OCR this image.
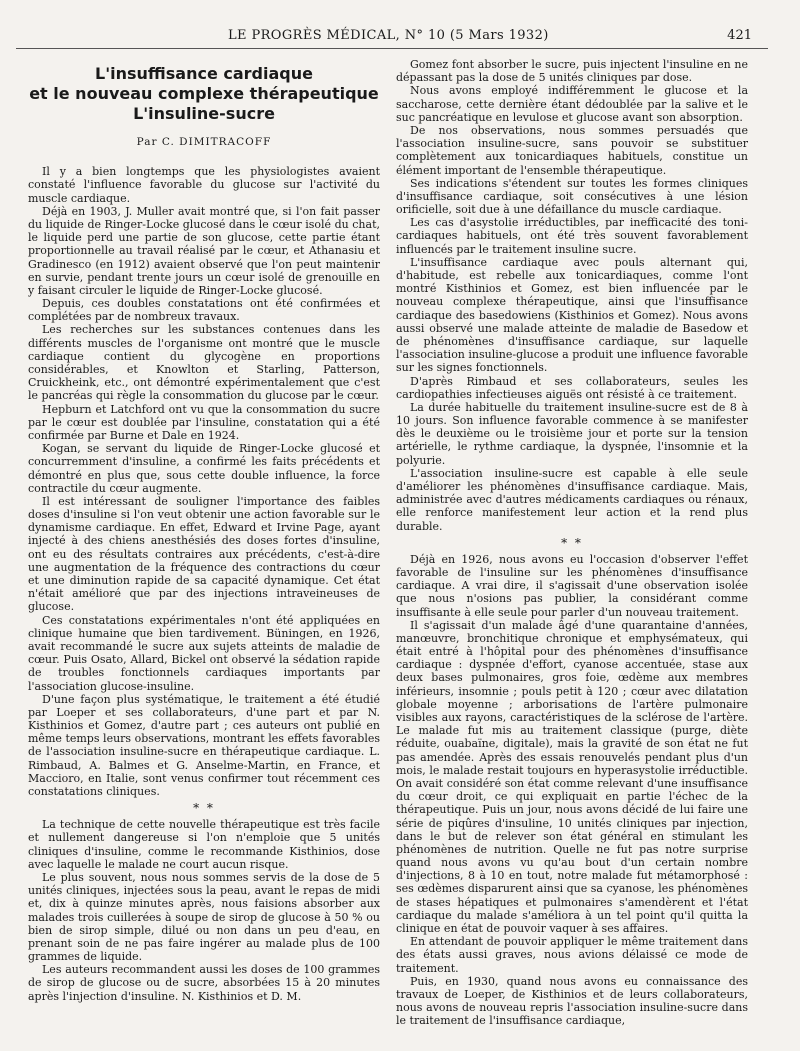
LE PROGRÈS MÉDICAL, N° 10 (5 Mars 1932)	421
L'insuffisance cardiaque
et le nouveau complexe thérapeutique
L'insuline-sucre
Par C. DIMITRACOFF

Il y a bien longtemps que les physiologistes avaient constaté l'influence favorable du glucose sur l'activité du muscle cardiaque.

Déjà en 1903, J. Muller avait montré que, si l'on fait passer du liquide de Ringer-Locke glucosé dans le cœur isolé du chat, le liquide perd une partie de son glucose, cette partie étant proportionnelle au travail réalisé par le cœur, et Athanasiu et Gradinesco (en 1912) avaient observé que l'on peut maintenir en survie, pendant trente jours un cœur isolé de grenouille en y faisant circuler le liquide de Ringer-Locke glucosé.

Depuis, ces doubles constatations ont été confirmées et complétées par de nombreux travaux.

Les recherches sur les substances contenues dans les différents muscles de l'organisme ont montré que le muscle cardiaque contient du glycogène en proportions considérables, et Knowlton et Starling, Patterson, Cruickheink, etc., ont démontré expérimentalement que c'est le pancréas qui règle la consommation du glucose par le cœur.

Hepburn et Latchford ont vu que la consommation du sucre par le cœur est doublée par l'insuline, constatation qui a été confirmée par Burne et Dale en 1924.

Kogan, se servant du liquide de Ringer-Locke glucosé et concurremment d'insuline, a confirmé les faits précédents et démontré en plus que, sous cette double influence, la force contractile du cœur augmente.

Il est intéressant de souligner l'importance des faibles doses d'insuline si l'on veut obtenir une action favorable sur le dynamisme cardiaque. En effet, Edward et Irvine Page, ayant injecté à des chiens anesthésiés des doses fortes d'insuline, ont eu des résultats contraires aux précédents, c'est-à-dire une augmentation de la fréquence des contractions du cœur et une diminution rapide de sa capacité dynamique. Cet état n'était amélioré que par des injections intraveineuses de glucose.

Ces constatations expérimentales n'ont été appliquées en clinique humaine que bien tardivement. Büningen, en 1926, avait recommandé le sucre aux sujets atteints de maladie de cœur. Puis Osato, Allard, Bickel ont observé la sédation rapide de troubles fonctionnels cardiaques importants par l'association glucose-insuline.

D'une façon plus systématique, le traitement a été étudié par Loeper et ses collaborateurs, d'une part et par N. Kisthinios et Gomez, d'autre part ; ces auteurs ont publié en même temps leurs observations, montrant les effets favorables de l'association insuline-sucre en thérapeutique cardiaque. L. Rimbaud, A. Balmes et G. Anselme-Martin, en France, et Maccioro, en Italie, sont venus confirmer tout récemment ces constatations cliniques.

* *

La technique de cette nouvelle thérapeutique est très facile et nullement dangereuse si l'on n'emploie que 5 unités cliniques d'insuline, comme le recommande Kisthinios, dose avec laquelle le malade ne court aucun risque.

Le plus souvent, nous nous sommes servis de la dose de 5 unités cliniques, injectées sous la peau, avant le repas de midi et, dix à quinze minutes après, nous faisions absorber aux malades trois cuillerées à soupe de sirop de glucose à 50 % ou bien de sirop simple, dilué ou non dans un peu d'eau, en prenant soin de ne pas faire ingérer au malade plus de 100 grammes de liquide.

Les auteurs recommandent aussi les doses de 100 grammes de sirop de glucose ou de sucre, absorbées 15 à 20 minutes après l'injection d'insuline. N. Kisthinios et D. M.

Gomez font absorber le sucre, puis injectent l'insuline en ne dépassant pas la dose de 5 unités cliniques par dose.

Nous avons employé indifféremment le glucose et la saccharose, cette dernière étant dédoublée par la salive et le suc pancréatique en levulose et glucose avant son absorption.

De nos observations, nous sommes persuadés que l'association insuline-sucre, sans pouvoir se substituer complètement aux tonicardiaques habituels, constitue un élément important de l'ensemble thérapeutique.

Ses indications s'étendent sur toutes les formes cliniques d'insuffisance cardiaque, soit consécutives à une lésion orificielle, soit due à une défaillance du muscle cardiaque.

Les cas d'asystolie irréductibles, par inefficacité des toni-cardiaques habituels, ont été très souvent favorablement influencés par le traitement insuline sucre.

L'insuffisance cardiaque avec pouls alternant qui, d'habitude, est rebelle aux tonicardiaques, comme l'ont montré Kisthinios et Gomez, est bien influencée par le nouveau complexe thérapeutique, ainsi que l'insuffisance cardiaque des basedowiens (Kisthinios et Gomez). Nous avons aussi observé une malade atteinte de maladie de Basedow et de phénomènes d'insuffisance cardiaque, sur laquelle l'association insuline-glucose a produit une influence favorable sur les signes fonctionnels.

D'après Rimbaud et ses collaborateurs, seules les cardiopathies infectieuses aiguës ont résisté à ce traitement.

La durée habituelle du traitement insuline-sucre est de 8 à 10 jours. Son influence favorable commence à se manifester dès le deuxième ou le troisième jour et porte sur la tension artérielle, le rythme cardiaque, la dyspnée, l'insomnie et la polyurie.

L'association insuline-sucre est capable à elle seule d'améliorer les phénomènes d'insuffisance cardiaque. Mais, administrée avec d'autres médicaments cardiaques ou rénaux, elle renforce manifestement leur action et la rend plus durable.

* *

Déjà en 1926, nous avons eu l'occasion d'observer l'effet favorable de l'insuline sur les phénomènes d'insuffisance cardiaque. A vrai dire, il s'agissait d'une observation isolée que nous n'osions pas publier, la considérant comme insuffisante à elle seule pour parler d'un nouveau traitement.

Il s'agissait d'un malade âgé d'une quarantaine d'années, manœuvre, bronchitique chronique et emphysémateux, qui était entré à l'hôpital pour des phénomènes d'insuffisance cardiaque : dyspnée d'effort, cyanose accentuée, stase aux deux bases pulmonaires, gros foie, œdème aux membres inférieurs, insomnie ; pouls petit à 120 ; cœur avec dilatation globale moyenne ; arborisations de l'artère pulmonaire visibles aux rayons, caractéristiques de la sclérose de l'artère. Le malade fut mis au traitement classique (purge, diète réduite, ouabaïne, digitale), mais la gravité de son état ne fut pas amendée. Après des essais renouvelés pendant plus d'un mois, le malade restait toujours en hyperasystolie irréductible. On avait considéré son état comme relevant d'une insuffisance du cœur droit, ce qui expliquait en partie l'échec de la thérapeutique. Puis un jour, nous avons décidé de lui faire une série de piqûres d'insuline, 10 unités cliniques par injection, dans le but de relever son état général en stimulant les phénomènes de nutrition. Quelle ne fut pas notre surprise quand nous avons vu qu'au bout d'un certain nombre d'injections, 8 à 10 en tout, notre malade fut métamorphosé : ses œdèmes disparurent ainsi que sa cyanose, les phénomènes de stases hépatiques et pulmonaires s'amendèrent et l'état cardiaque du malade s'améliora à un tel point qu'il quitta la clinique en état de pouvoir vaquer à ses affaires.

En attendant de pouvoir appliquer le même traitement dans des états aussi graves, nous avions délaissé ce mode de traitement.

Puis, en 1930, quand nous avons eu connaissance des travaux de Loeper, de Kisthinios et de leurs collaborateurs, nous avons de nouveau repris l'association insuline-sucre dans le traitement de l'insuffisance cardiaque,
